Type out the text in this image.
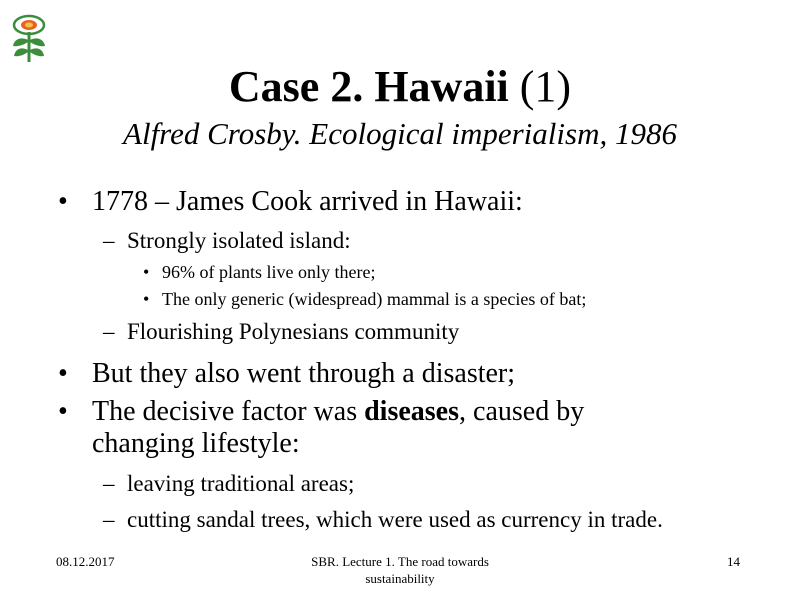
Case 2. Hawaii (1)
Alfred Crosby. Ecological imperialism, 1986
• 1778 – James Cook arrived in Hawaii:
– Strongly isolated island:
• 96% of plants live only there;
• The only generic (widespread) mammal is a species of bat;
– Flourishing Polynesians community
• But they also went through a disaster;
• The decisive factor was diseases, caused by
changing lifestyle:
– leaving traditional areas;
– cutting sandal trees, which were used as currency in trade.
08.12.2017	SBR. Lecture 1. The road towards
sustainability
14
